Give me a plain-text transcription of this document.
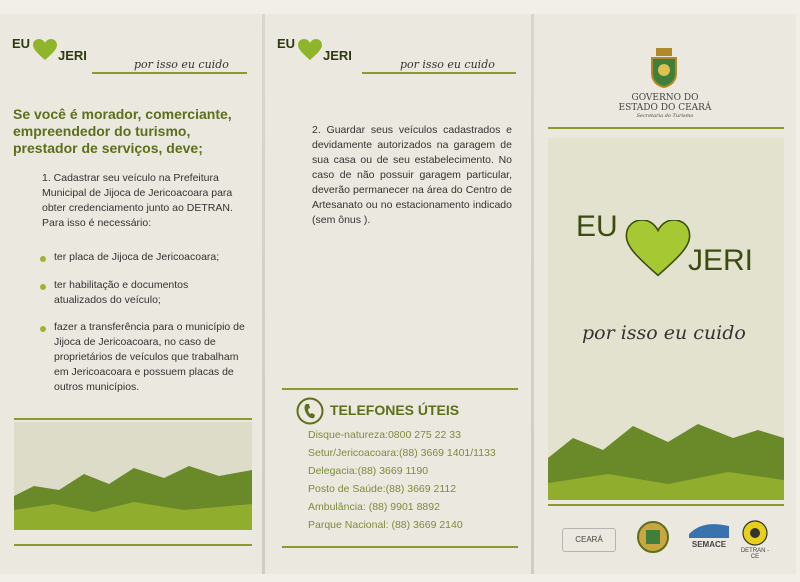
EU
JERI
por isso eu cuido
Se você é morador, comerciante, empreendedor do turismo, prestador de serviços, deve;
1. Cadastrar seu veículo na Prefeitura Municipal de Jijoca de Jericoacoara para obter credenciamento junto ao DETRAN. Para isso é necessário:
ter placa de Jijoca de Jericoacoara;
ter habilitação e documentos atualizados do veículo;
fazer a transferência para o município de Jijoca de Jericoacoara, no caso de proprietários de veículos que trabalham em Jericoacoara e possuem placas de outros municípios.
EU
JERI
por isso eu cuido
2. Guardar seus veículos cadastrados e devidamente autorizados na garagem de sua casa ou de seu estabelecimento. No caso de não possuir garagem particular, deverão permanecer na área do Centro de Artesanato ou no estacionamento indicado (sem ônus ).
TELEFONES ÚTEIS
Disque-natureza:0800 275 22 33
Setur/Jericoacoara:(88) 3669 1401/1133
Delegacia:(88) 3669 1190
Posto de Saúde:(88) 3669 2112
Ambulância: (88) 9901 8892
Parque Nacional: (88) 3669 2140
GOVERNO DO
ESTADO DO CEARÁ
Secretaria do Turismo
EU
JERI
por isso eu cuido
CEARÁ
SEMACE
DETRAN - CE
